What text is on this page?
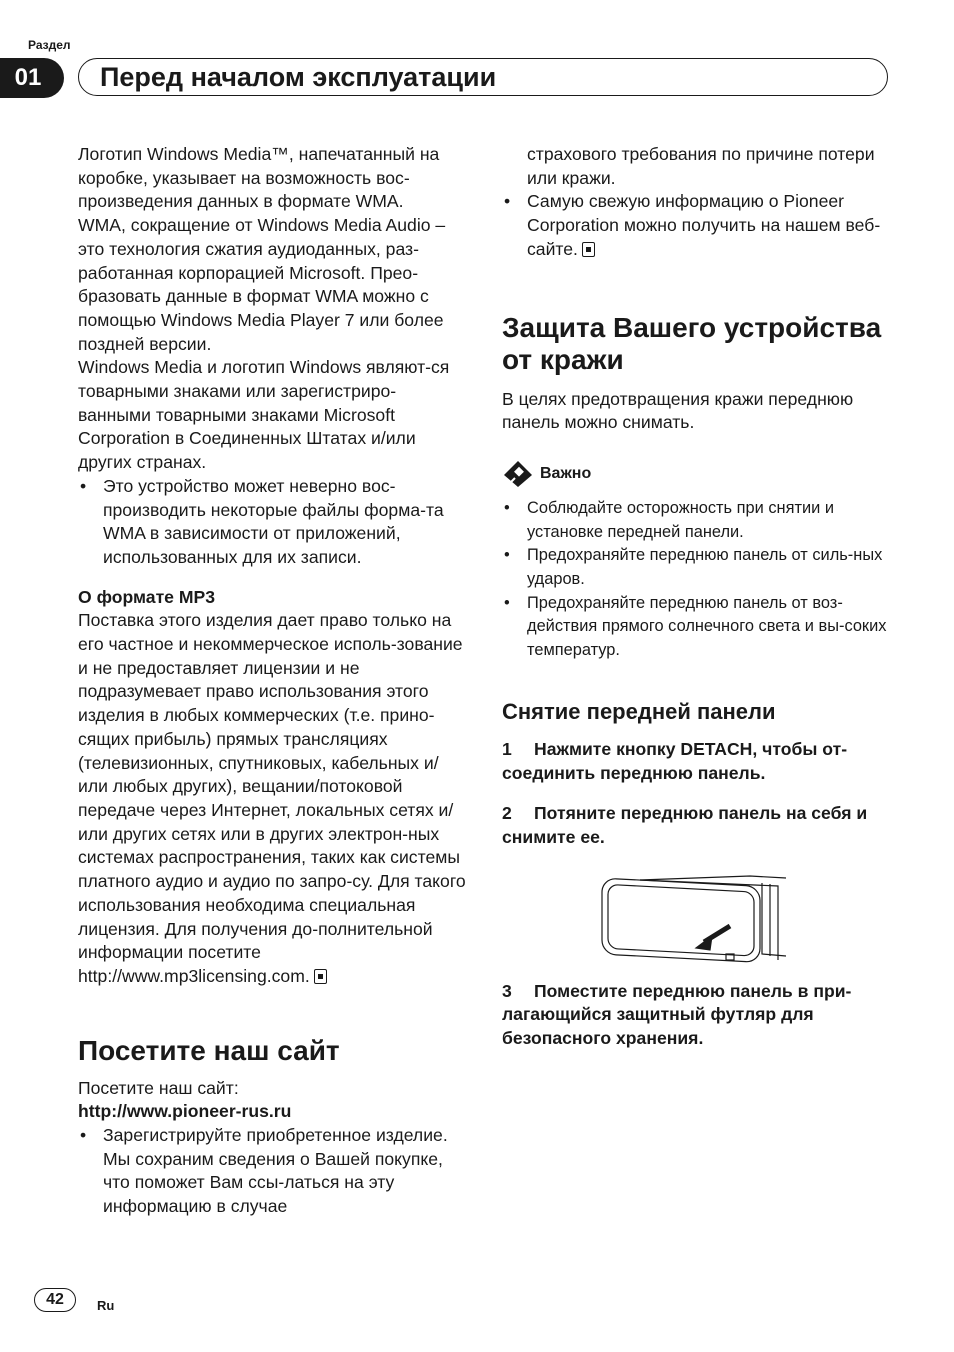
Раздел
01	Перед началом эксплуатации

Логотип Windows Media™, напечатанный на коробке, указывает на возможность вос-произведения данных в формате WMA.

WMA, сокращение от Windows Media Audio – это технология сжатия аудиоданных, раз-работанная корпорацией Microsoft. Прео-бразовать данные в формат WMA можно с помощью Windows Media Player 7 или более поздней версии.

Windows Media и логотип Windows являют-ся товарными знаками или зарегистриро-ванными товарными знаками Microsoft Corporation в Соединенных Штатах и/или других странах.

• Это устройство может неверно вос-производить некоторые файлы форма-та WMA в зависимости от приложений, использованных для их записи.
О формате MP3

Поставка этого изделия дает право только на его частное и некоммерческое исполь-зование и не предоставляет лицензии и не подразумевает право использования этого изделия в любых коммерческих (т.е. прино-сящих прибыль) прямых трансляциях (телевизионных, спутниковых, кабельных и/или любых других), вещании/потоковой передаче через Интернет, локальных сетях и/или других сетях или в других электрон-ных системах распространения, таких как системы платного аудио и аудио по запро-су. Для такого использования необходима специальная лицензия. Для получения до-полнительной информации посетите http://www.mp3licensing.com.

Посетите наш сайт

Посетите наш сайт:

http://www.pioneer-rus.ru

• Зарегистрируйте приобретенное изделие. Мы сохраним сведения о Вашей покупке, что поможет Вам ссы-латься на эту информацию в случае
страхового требования по причине потери или кражи.
• Самую свежую информацию о Pioneer Corporation можно получить на нашем веб-сайте.
Защита Вашего устройства от кражи

В целях предотвращения кражи переднюю панель можно снимать.

Важно
• Соблюдайте осторожность при снятии и установке передней панели.
• Предохраняйте переднюю панель от силь-ных ударов.
• Предохраняйте переднюю панель от воз-действия прямого солнечного света и вы-соких температур.
Снятие передней панели
1 Нажмите кнопку DETACH, чтобы от-соединить переднюю панель.
2 Потяните переднюю панель на себя и снимите ее.
3 Поместите переднюю панель в при-лагающийся защитный футляр для безопасного хранения.
42	Ru
